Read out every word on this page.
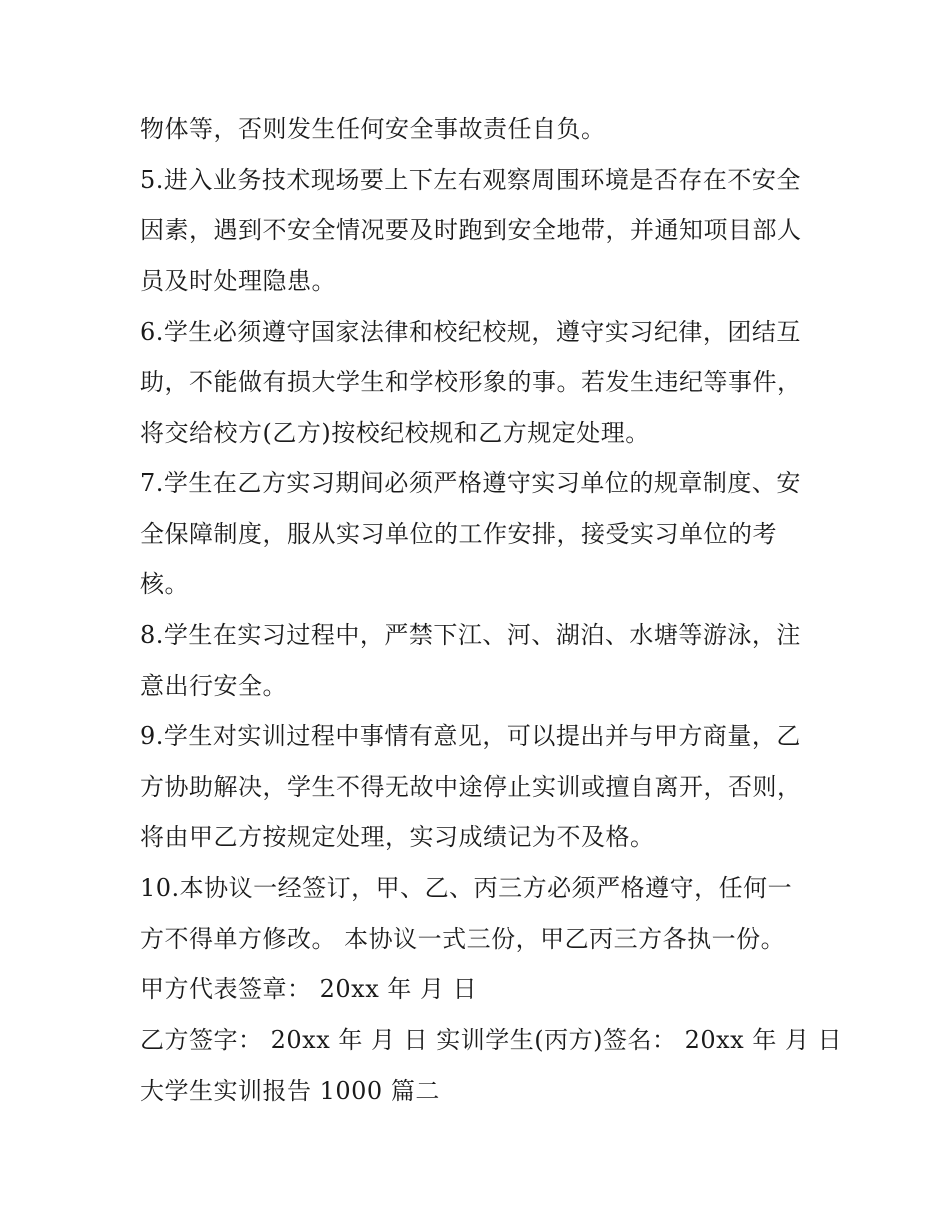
物体等，否则发生任何安全事故责任自负。
5.进入业务技术现场要上下左右观察周围环境是否存在不安全
因素，遇到不安全情况要及时跑到安全地带，并通知项目部人
员及时处理隐患。
6.学生必须遵守国家法律和校纪校规，遵守实习纪律，团结互
助，不能做有损大学生和学校形象的事。若发生违纪等事件，
将交给校方(乙方)按校纪校规和乙方规定处理。
7.学生在乙方实习期间必须严格遵守实习单位的规章制度、安
全保障制度，服从实习单位的工作安排，接受实习单位的考
核。
8.学生在实习过程中，严禁下江、河、湖泊、水塘等游泳，注
意出行安全。
9.学生对实训过程中事情有意见，可以提出并与甲方商量，乙
方协助解决，学生不得无故中途停止实训或擅自离开，否则，
将由甲乙方按规定处理，实习成绩记为不及格。
10.本协议一经签订，甲、乙、丙三方必须严格遵守，任何一
方不得单方修改。 本协议一式三份，甲乙丙三方各执一份。
甲方代表签章： 20xx 年 月 日
乙方签字： 20xx 年 月 日 实训学生(丙方)签名： 20xx 年 月 日
大学生实训报告 1000 篇二
